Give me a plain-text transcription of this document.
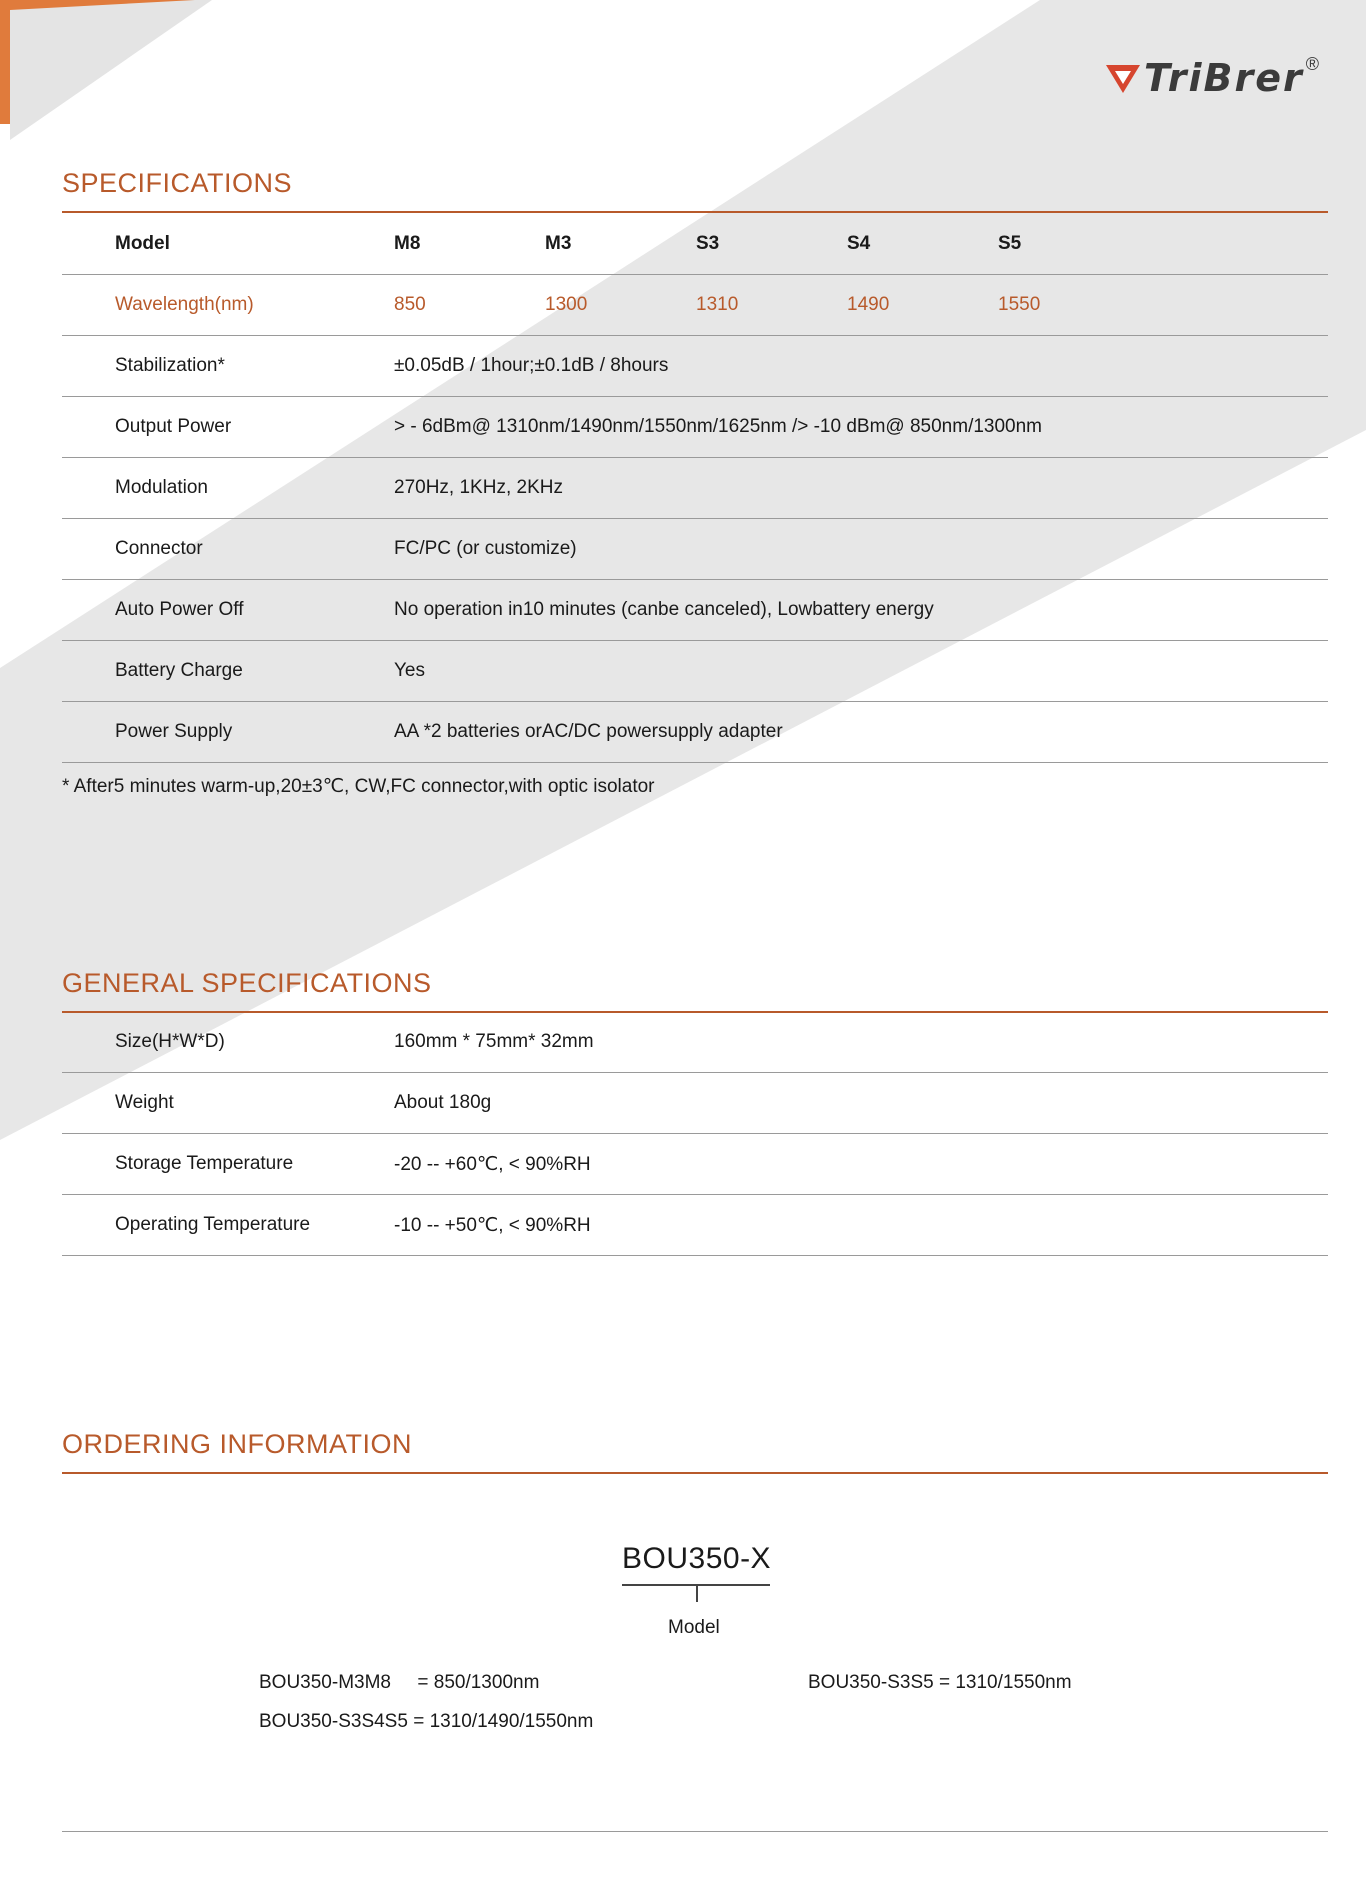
TriBrer ®
SPECIFICATIONS
Model	M8	M3	S3	S4	S5
Wavelength(nm)	850	1300	1310	1490	1550
Stabilization*	±0.05dB / 1hour;±0.1dB / 8hours				
Output Power	> - 6dBm@ 1310nm/1490nm/1550nm/1625nm /> -10 dBm@ 850nm/1300nm				
Modulation	270Hz, 1KHz, 2KHz				
Connector	FC/PC (or customize)				
Auto Power Off	No operation in10 minutes (canbe canceled), Lowbattery energy				
Battery Charge	Yes				
Power Supply	AA *2 batteries orAC/DC powersupply adapter				
* After5 minutes warm-up,20±3℃, CW,FC connector,with optic isolator
GENERAL SPECIFICATIONS
Size(H*W*D)	160mm * 75mm* 32mm
Weight	About 180g
Storage Temperature	-20 -- +60℃, < 90%RH
Operating Temperature	-10 -- +50℃, < 90%RH
ORDERING INFORMATION
BOU350-X
Model
BOU350-M3M8     = 850/1300nm	BOU350-S3S5 = 1310/1550nm
BOU350-S3S4S5 = 1310/1490/1550nm
